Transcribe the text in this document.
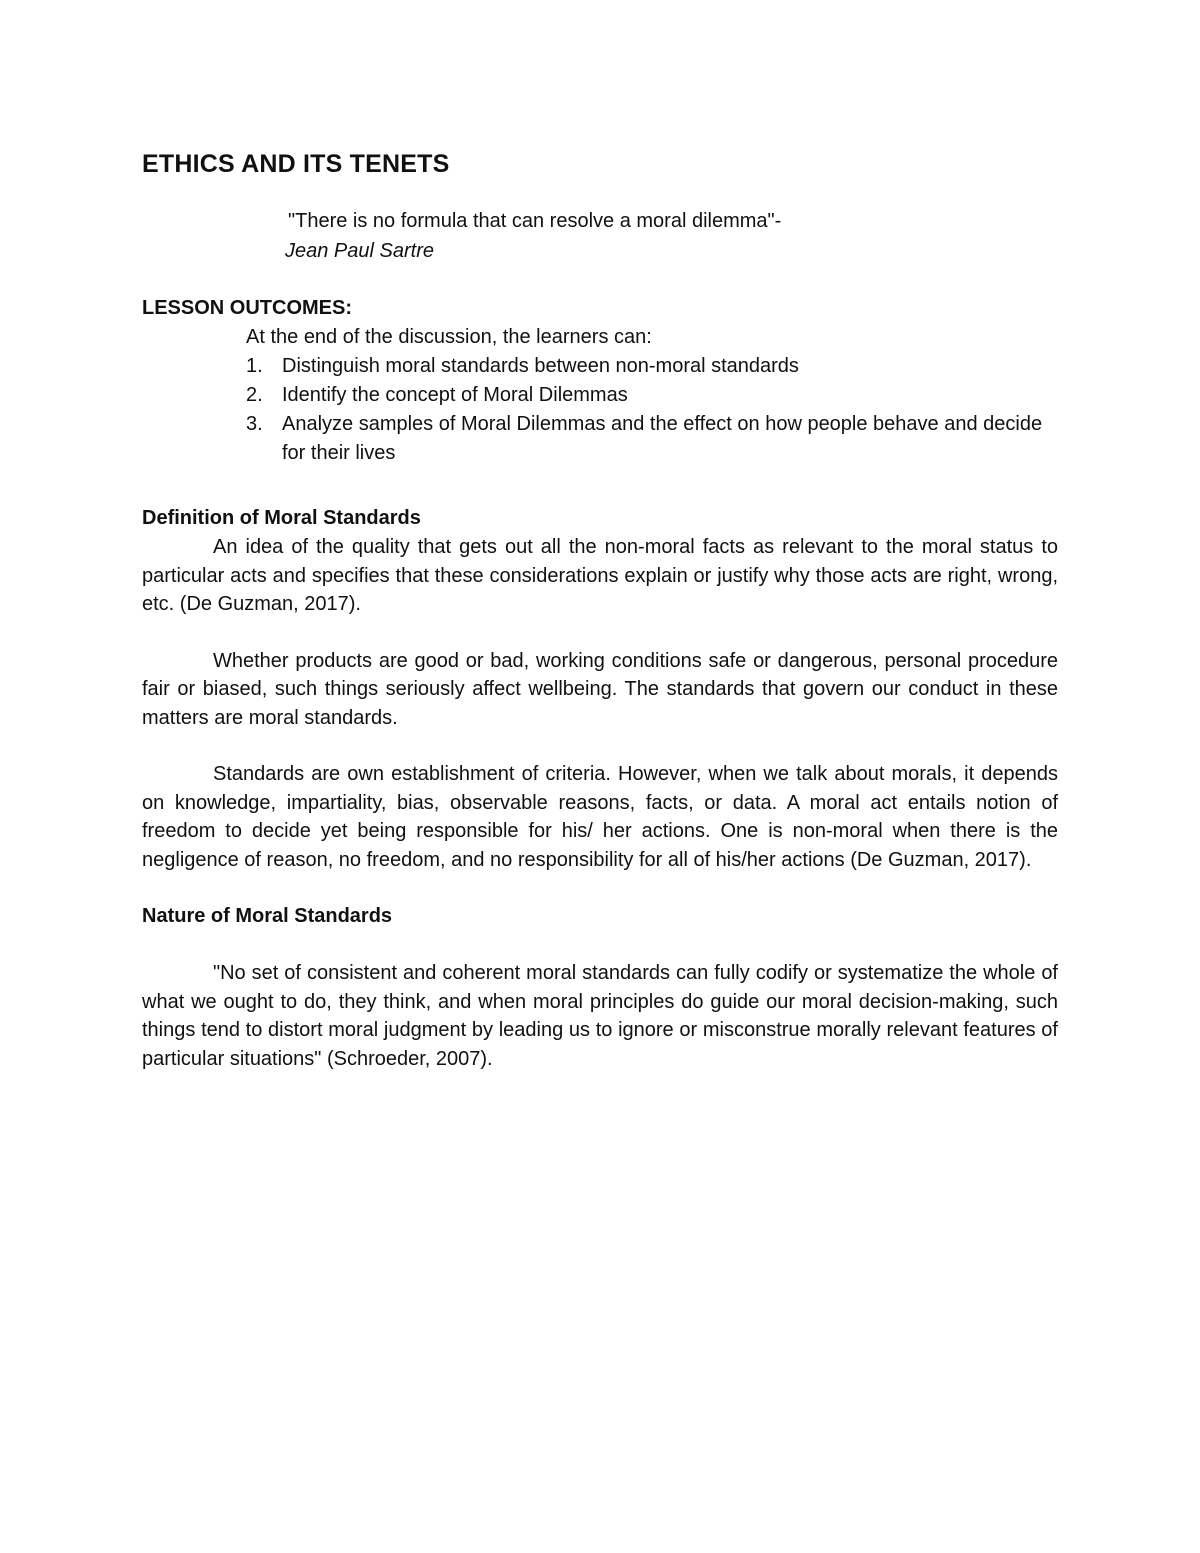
ETHICS AND ITS TENETS
"There is no formula that can resolve a moral dilemma"-
Jean Paul Sartre
LESSON OUTCOMES:
At the end of the discussion, the learners can:
1. Distinguish moral standards between non-moral standards
2. Identify the concept of Moral Dilemmas
3. Analyze samples of Moral Dilemmas and the effect on how people behave and decide for their lives
Definition of Moral Standards

An idea of the quality that gets out all the non-moral facts as relevant to the moral status to particular acts and specifies that these considerations explain or justify why those acts are right, wrong, etc. (De Guzman, 2017).

Whether products are good or bad, working conditions safe or dangerous, personal procedure fair or biased, such things seriously affect wellbeing. The standards that govern our conduct in these matters are moral standards.

Standards are own establishment of criteria. However, when we talk about morals, it depends on knowledge, impartiality, bias, observable reasons, facts, or data. A moral act entails notion of freedom to decide yet being responsible for his/ her actions. One is non-moral when there is the negligence of reason, no freedom, and no responsibility for all of his/her actions (De Guzman, 2017).

Nature of Moral Standards

"No set of consistent and coherent moral standards can fully codify or systematize the whole of what we ought to do, they think, and when moral principles do guide our moral decision-making, such things tend to distort moral judgment by leading us to ignore or misconstrue morally relevant features of particular situations" (Schroeder, 2007).
